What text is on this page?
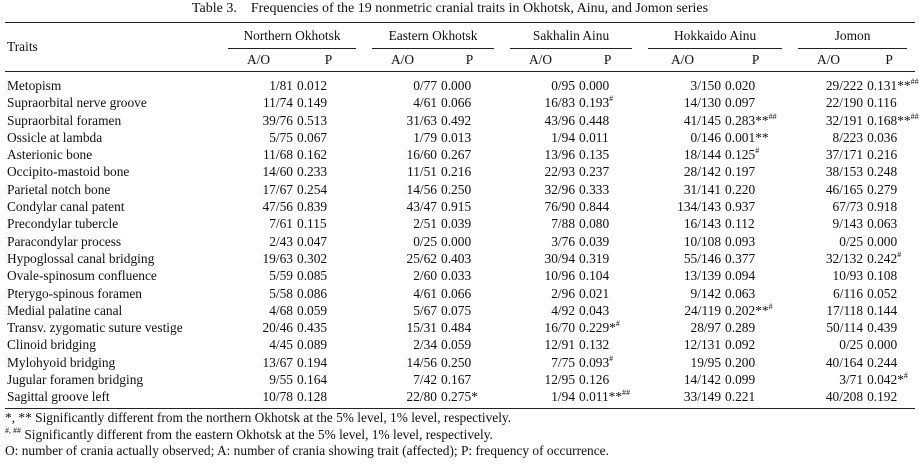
Table 3. Frequencies of the 19 nonmetric cranial traits in Okhotsk, Ainu, and Jomon series
Traits	Northern Okhotsk		Eastern Okhotsk		Sakhalin Ainu		Hokkaido Ainu		Jomon	

	A/O	P	A/O	P	A/O	P	A/O	P	A/O	P
Metopism	1/81	0.012	0/77	0.000	0/95	0.000	3/150	0.020	29/222	0.131**##
Supraorbital nerve groove	11/74	0.149	4/61	0.066	16/83	0.193#	14/130	0.097	22/190	0.116
Supraorbital foramen	39/76	0.513	31/63	0.492	43/96	0.448	41/145	0.283**##	32/191	0.168**##
Ossicle at lambda	5/75	0.067	1/79	0.013	1/94	0.011	0/146	0.001**	8/223	0.036
Asterionic bone	11/68	0.162	16/60	0.267	13/96	0.135	18/144	0.125#	37/171	0.216
Occipito-mastoid bone	14/60	0.233	11/51	0.216	22/93	0.237	28/142	0.197	38/153	0.248
Parietal notch bone	17/67	0.254	14/56	0.250	32/96	0.333	31/141	0.220	46/165	0.279
Condylar canal patent	47/56	0.839	43/47	0.915	76/90	0.844	134/143	0.937	67/73	0.918
Precondylar tubercle	7/61	0.115	2/51	0.039	7/88	0.080	16/143	0.112	9/143	0.063
Paracondylar process	2/43	0.047	0/25	0.000	3/76	0.039	10/108	0.093	0/25	0.000
Hypoglossal canal bridging	19/63	0.302	25/62	0.403	30/94	0.319	55/146	0.377	32/132	0.242#
Ovale-spinosum confluence	5/59	0.085	2/60	0.033	10/96	0.104	13/139	0.094	10/93	0.108
Pterygo-spinous foramen	5/58	0.086	4/61	0.066	2/96	0.021	9/142	0.063	6/116	0.052
Medial palatine canal	4/68	0.059	5/67	0.075	4/92	0.043	24/119	0.202**#	17/118	0.144
Transv. zygomatic suture vestige	20/46	0.435	15/31	0.484	16/70	0.229*#	28/97	0.289	50/114	0.439
Clinoid bridging	4/45	0.089	2/34	0.059	12/91	0.132	12/131	0.092	0/25	0.000
Mylohyoid bridging	13/67	0.194	14/56	0.250	7/75	0.093#	19/95	0.200	40/164	0.244
Jugular foramen bridging	9/55	0.164	7/42	0.167	12/95	0.126	14/142	0.099	3/71	0.042*#
Sagittal groove left	10/78	0.128	22/80	0.275*	1/94	0.011**##	33/149	0.221	40/208	0.192
*, ** Significantly different from the northern Okhotsk at the 5% level, 1% level, respectively.
#, ## Significantly different from the eastern Okhotsk at the 5% level, 1% level, respectively.
O: number of crania actually observed; A: number of crania showing trait (affected); P: frequency of occurrence.
